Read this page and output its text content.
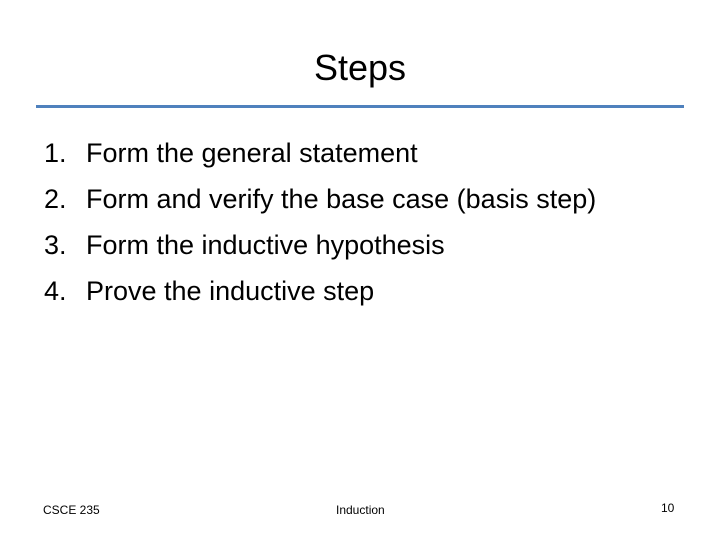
Steps
1. Form the general statement
2. Form and verify the base case (basis step)
3. Form the inductive hypothesis
4. Prove the inductive step
CSCE 235	Induction	10
